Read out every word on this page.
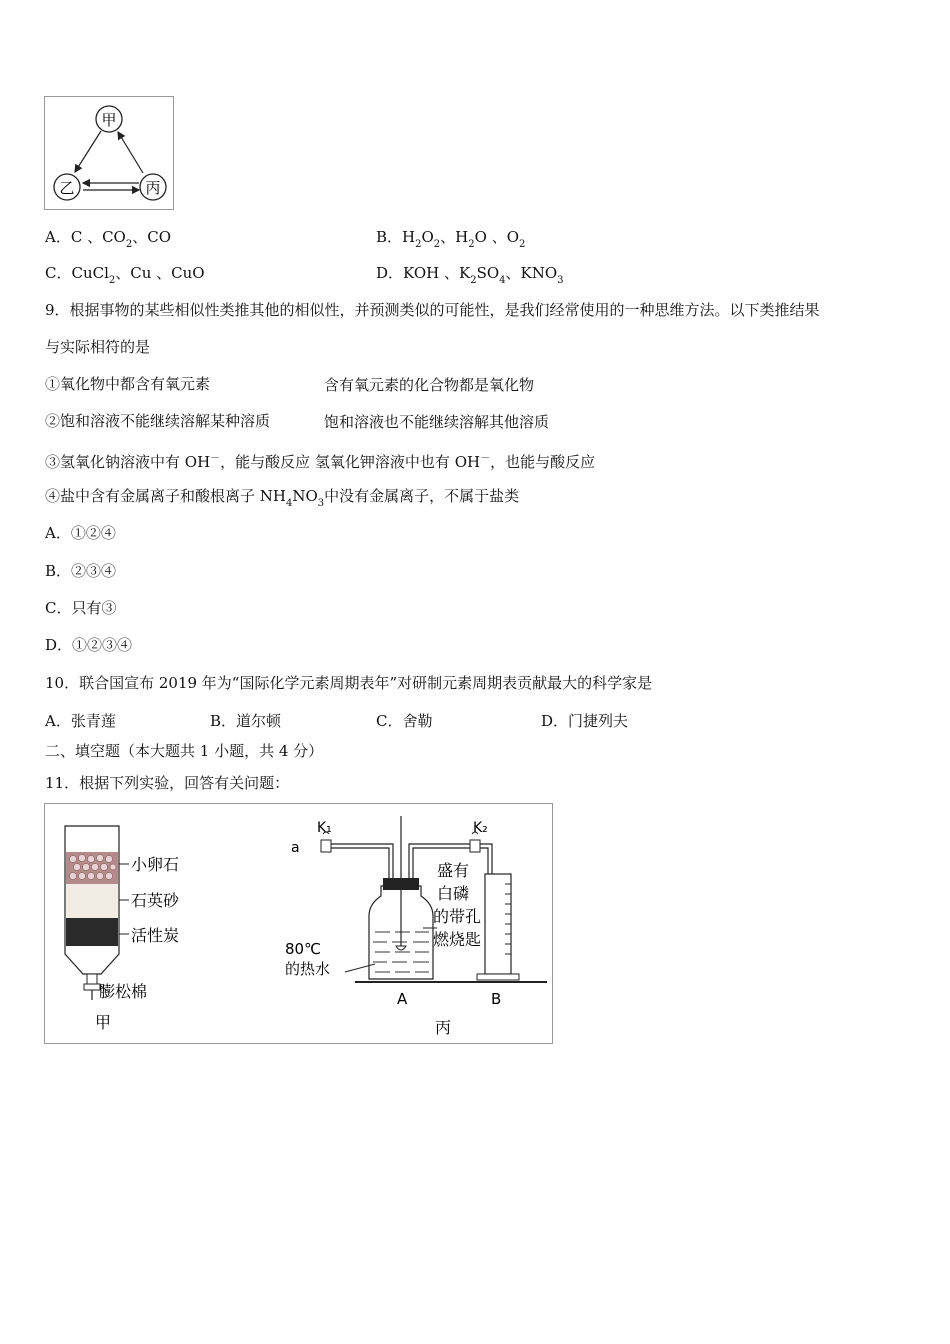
甲
乙	丙
A．C 、$CO_2$、CO	B．$H_2O_2$、$H_2O$ 、$O_2$
C．CuCl$_2$、Cu 、CuO	D．KOH 、$K_2SO_4$、$KNO_3$
9．根据事物的某些相似性类推其他的相似性，并预测类似的可能性，是我们经常使用的一种思维方法。以下类推结果
与实际相符的是
①氧化物中都含有氧元素	含有氧元素的化合物都是氧化物
②饱和溶液不能继续溶解某种溶质	饱和溶液也不能继续溶解其他溶质
③氢氧化钠溶液中有 OH－，能与酸反应 氢氧化钾溶液中也有 OH－，也能与酸反应
④盐中含有金属离子和酸根离子 $NH_4NO_3$中没有金属离子，不属于盐类
A．①②④
B．②③④
C．只有③
D．①②③④
10．联合国宣布 2019 年为“国际化学元素周期表年”对研制元素周期表贡献最大的科学家是
A．张青莲	B．道尔顿	C．舍勒	D．门捷列夫
二、填空题（本大题共 1 小题，共 4 分）
11．根据下列实验，回答有关问题：
小卵石
石英砂
活性炭
膨松棉
甲
K₁	K₂
a
80℃
的热水
盛有
白磷
的带孔
燃烧匙
A	B
丙
